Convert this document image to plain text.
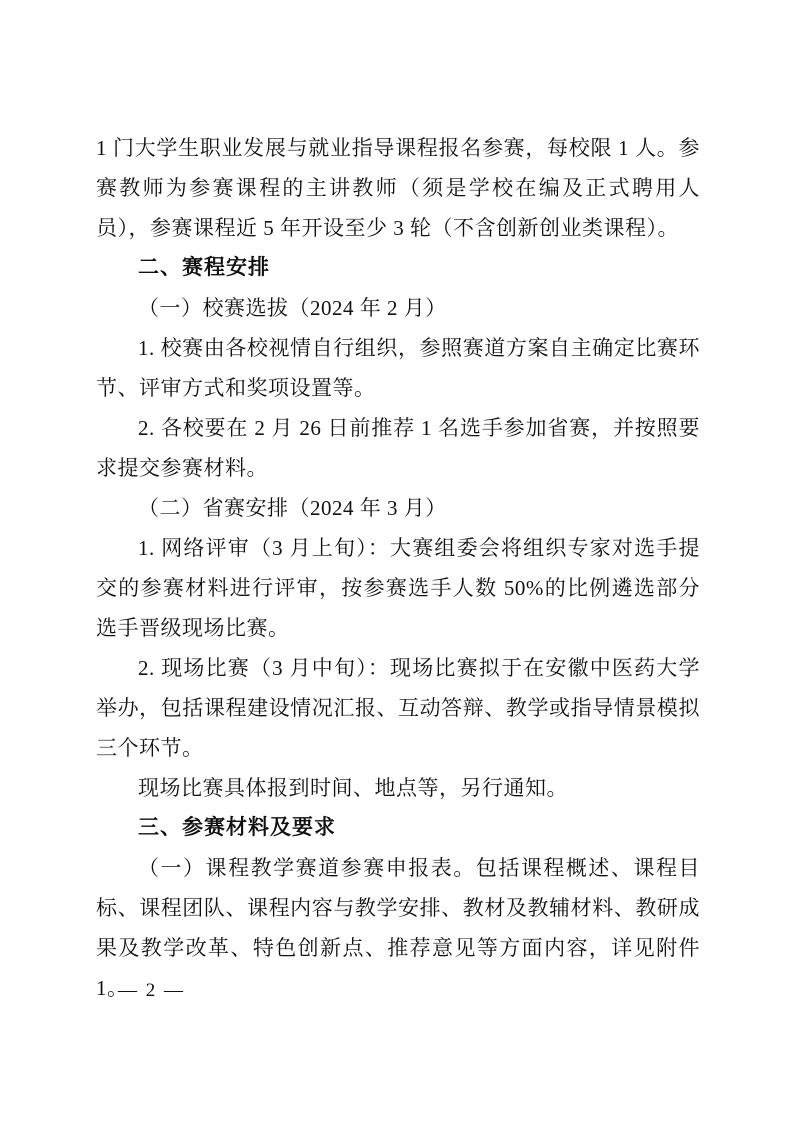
1 门大学生职业发展与就业指导课程报名参赛，每校限 1 人。参赛教师为参赛课程的主讲教师（须是学校在编及正式聘用人员），参赛课程近 5 年开设至少 3 轮（不含创新创业类课程）。

二、赛程安排

（一）校赛选拔（2024 年 2 月）

1. 校赛由各校视情自行组织，参照赛道方案自主确定比赛环节、评审方式和奖项设置等。

2. 各校要在 2 月 26 日前推荐 1 名选手参加省赛，并按照要求提交参赛材料。

（二）省赛安排（2024 年 3 月）

1. 网络评审（3 月上旬）：大赛组委会将组织专家对选手提交的参赛材料进行评审，按参赛选手人数 50%的比例遴选部分选手晋级现场比赛。

2. 现场比赛（3 月中旬）：现场比赛拟于在安徽中医药大学举办，包括课程建设情况汇报、互动答辩、教学或指导情景模拟三个环节。

现场比赛具体报到时间、地点等，另行通知。

三、参赛材料及要求

（一）课程教学赛道参赛申报表。包括课程概述、课程目标、课程团队、课程内容与教学安排、教材及教辅材料、教研成果及教学改革、特色创新点、推荐意见等方面内容，详见附件 1。

— 2 —
